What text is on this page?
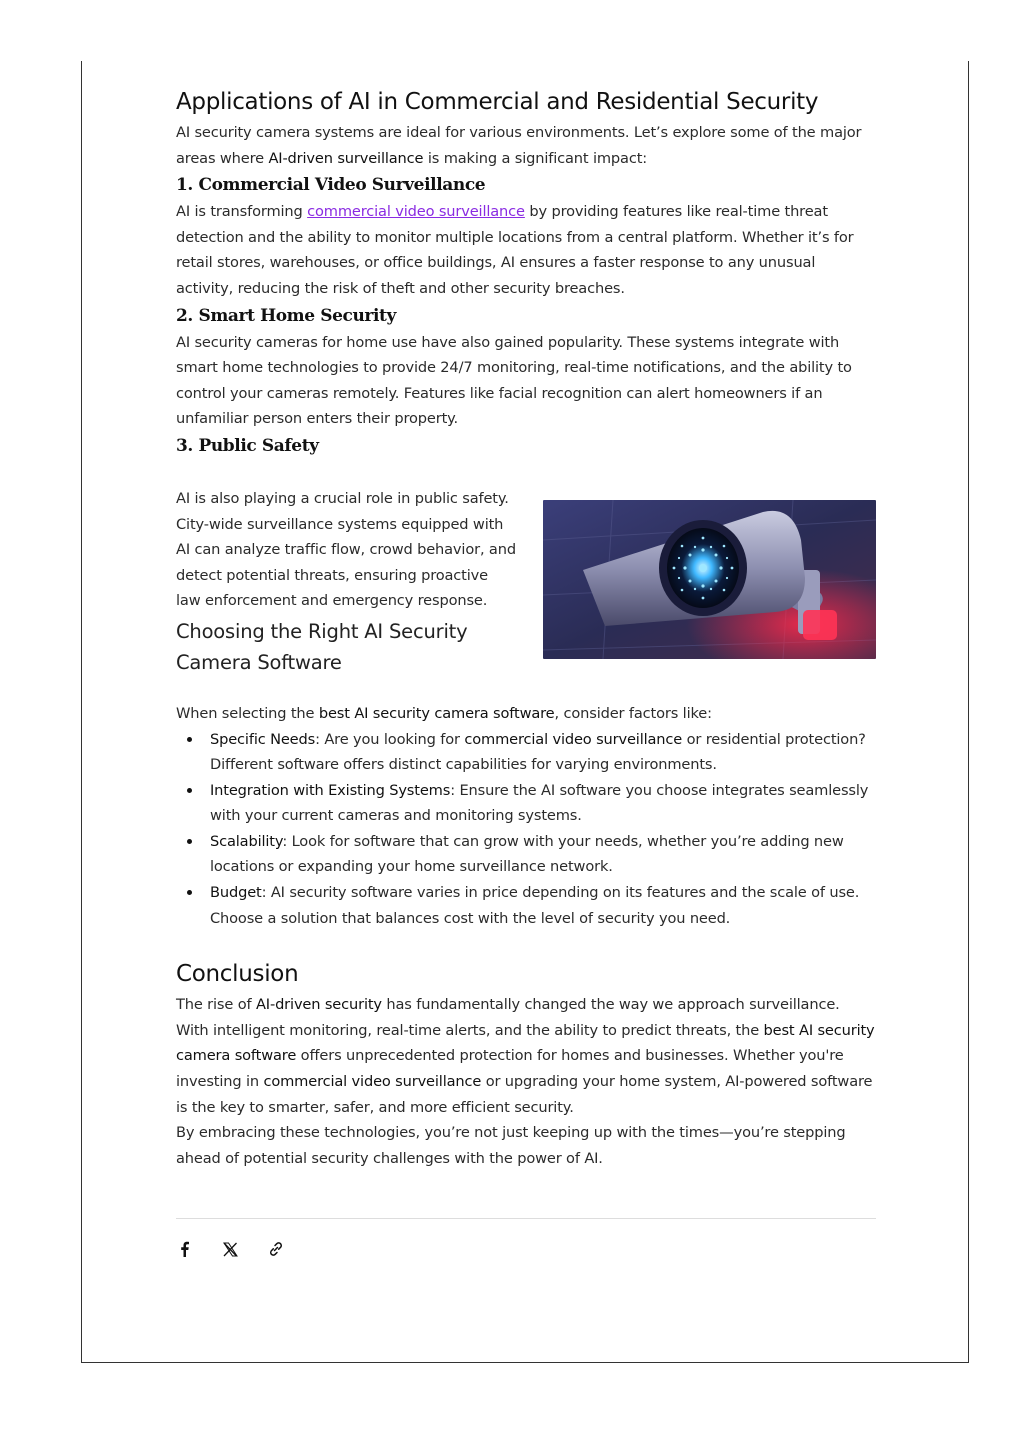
Applications of AI in Commercial and Residential Security

AI security camera systems are ideal for various environments. Let’s explore some of the major areas where AI-driven surveillance is making a significant impact:

1. Commercial Video Surveillance

AI is transforming commercial video surveillance by providing features like real-time threat detection and the ability to monitor multiple locations from a central platform. Whether it’s for retail stores, warehouses, or office buildings, AI ensures a faster response to any unusual activity, reducing the risk of theft and other security breaches.

2. Smart Home Security

AI security cameras for home use have also gained popularity. These systems integrate with smart home technologies to provide 24/7 monitoring, real-time notifications, and the ability to control your cameras remotely. Features like facial recognition can alert homeowners if an unfamiliar person enters their property.

3. Public Safety

AI is also playing a crucial role in public safety. City-wide surveillance systems equipped with AI can analyze traffic flow, crowd behavior, and detect potential threats, ensuring proactive law enforcement and emergency response.

Choosing the Right AI Security Camera Software

When selecting the best AI security camera software, consider factors like:

Specific Needs: Are you looking for commercial video surveillance or residential protection? Different software offers distinct capabilities for varying environments.
Integration with Existing Systems: Ensure the AI software you choose integrates seamlessly with your current cameras and monitoring systems.
Scalability: Look for software that can grow with your needs, whether you’re adding new locations or expanding your home surveillance network.
Budget: AI security software varies in price depending on its features and the scale of use. Choose a solution that balances cost with the level of security you need.
Conclusion

The rise of AI-driven security has fundamentally changed the way we approach surveillance. With intelligent monitoring, real-time alerts, and the ability to predict threats, the best AI security camera software offers unprecedented protection for homes and businesses. Whether you're investing in commercial video surveillance or upgrading your home system, AI-powered software is the key to smarter, safer, and more efficient security.

By embracing these technologies, you’re not just keeping up with the times—you’re stepping ahead of potential security challenges with the power of AI.
